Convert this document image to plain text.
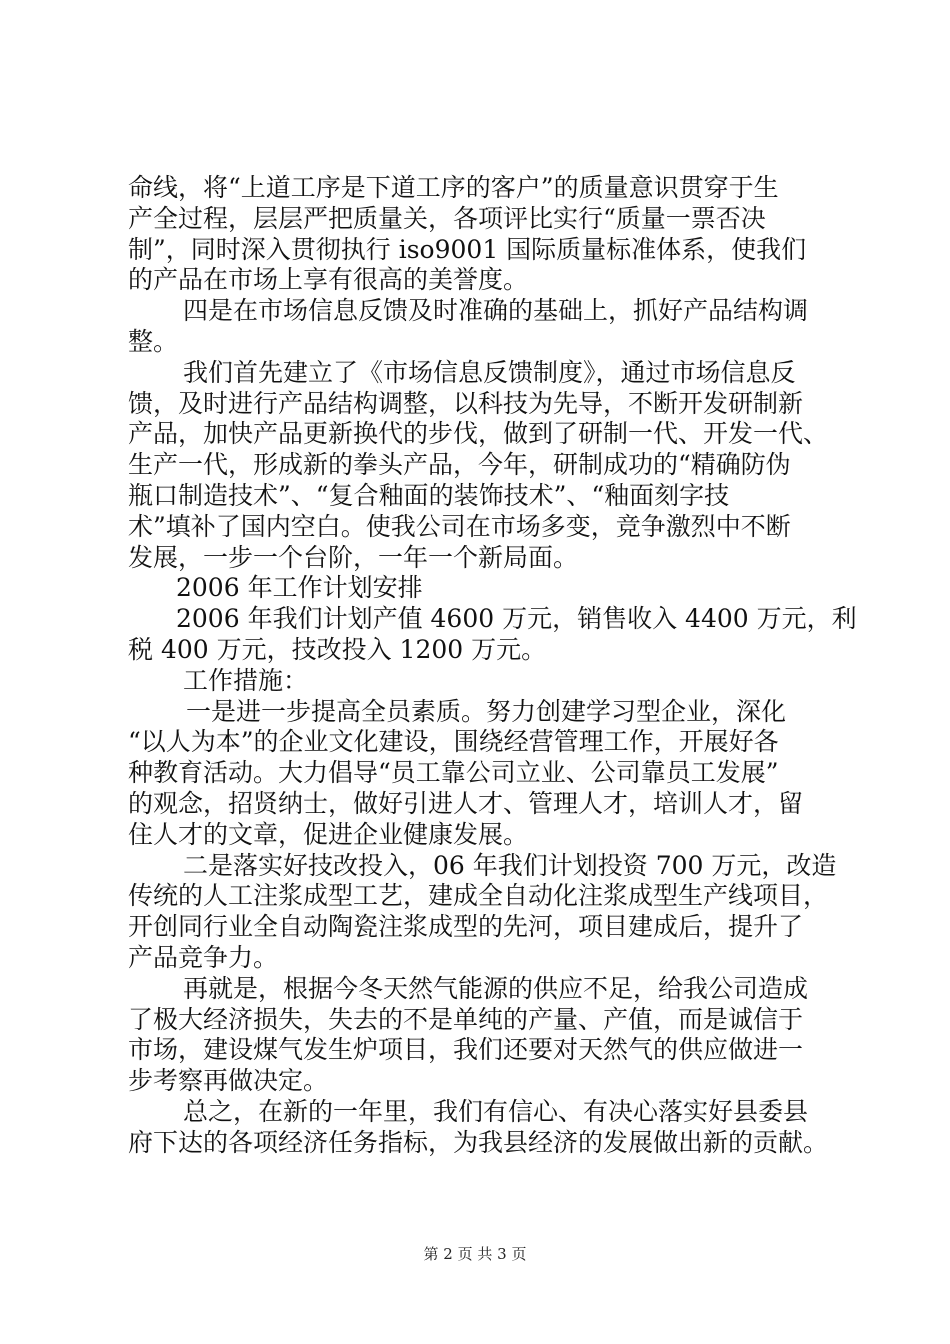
命线，将“上道工序是下道工序的客户”的质量意识贯穿于生
产全过程，层层严把质量关，各项评比实行“质量一票否决
制”，同时深入贯彻执行 iso9001 国际质量标准体系，使我们
的产品在市场上享有很高的美誉度。
四是在市场信息反馈及时准确的基础上，抓好产品结构调
整。
我们首先建立了《市场信息反馈制度》，通过市场信息反
馈，及时进行产品结构调整，以科技为先导，不断开发研制新
产品，加快产品更新换代的步伐，做到了研制一代、开发一代、
生产一代，形成新的拳头产品，今年，研制成功的“精确防伪
瓶口制造技术”、“复合釉面的装饰技术”、“釉面刻字技
术”填补了国内空白。使我公司在市场多变，竞争激烈中不断
发展，一步一个台阶，一年一个新局面。
2006 年工作计划安排
2006 年我们计划产值 4600 万元，销售收入 4400 万元，利
税 400 万元，技改投入 1200 万元。
工作措施：
一是进一步提高全员素质。努力创建学习型企业，深化
“以人为本”的企业文化建设，围绕经营管理工作，开展好各
种教育活动。大力倡导“员工靠公司立业、公司靠员工发展”
的观念，招贤纳士，做好引进人才、管理人才，培训人才，留
住人才的文章，促进企业健康发展。
二是落实好技改投入，06 年我们计划投资 700 万元，改造
传统的人工注浆成型工艺，建成全自动化注浆成型生产线项目，
开创同行业全自动陶瓷注浆成型的先河，项目建成后，提升了
产品竞争力。
再就是，根据今冬天然气能源的供应不足，给我公司造成
了极大经济损失，失去的不是单纯的产量、产值，而是诚信于
市场，建设煤气发生炉项目，我们还要对天然气的供应做进一
步考察再做决定。
总之，在新的一年里，我们有信心、有决心落实好县委县
府下达的各项经济任务指标，为我县经济的发展做出新的贡献。
第 2 页 共 3 页
